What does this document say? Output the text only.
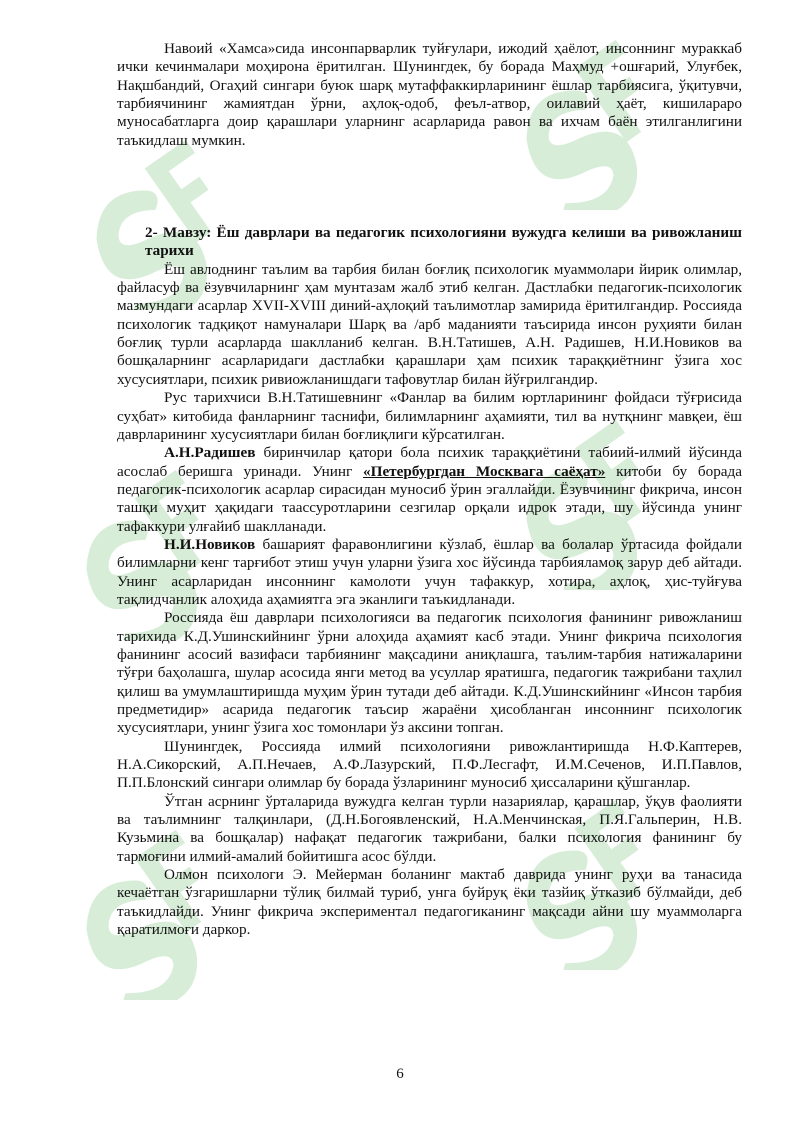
Навоий «Хамса»сида инсонпарварлик туйғулари, ижодий ҳаёлот, инсоннинг мураккаб ички кечинмалари моҳирона ёритилган. Шунингдек, бу борада Маҳмуд +ошғарий, Улуғбек, Нақшбандий, Огаҳий сингари буюк шарқ мутаффаккирларининг ёшлар тарбиясига, ўқитувчи, тарбиячининг жамиятдан ўрни, аҳлоқ-одоб, феъл-атвор, оилавий ҳаёт, кишилараро муносабатларга доир қарашлари уларнинг асарларида равон ва ихчам баён этилганлигини таъкидлаш мумкин.

2- Мавзу: Ёш даврлари ва педагогик психологияни вужудга келиши ва ривожланиш тарихи

Ёш авлоднинг таълим ва тарбия билан боғлиқ психологик муаммолари йирик олимлар, файласуф ва ёзувчиларнинг ҳам мунтазам жалб этиб келган. Дастлабки педагогик-психологик мазмундаги асарлар XVII-XVIII диний-аҳлоқий таълимотлар замирида ёритилгандир. Россияда психологик тадқиқот намуналари Шарқ ва /арб маданияти таъсирида инсон руҳияти билан боғлиқ турли асарларда шаклланиб келган. В.Н.Татишев, А.Н. Радишев, Н.И.Новиков ва бошқаларнинг асарларидаги дастлабки қарашлари ҳам психик тараққиётнинг ўзига хос хусусиятлари, психик ривиожланишдаги тафовутлар билан йўғрилгандир.

Рус тарихчиси В.Н.Татишевнинг «Фанлар ва билим юртларининг фойдаси тўғрисида суҳбат» китобида фанларнинг таснифи, билимларнинг аҳамияти, тил ва нутқнинг мавқеи, ёш даврларининг хусусиятлари билан боғлиқлиги кўрсатилган.

А.Н.Радишев биринчилар қатори бола психик тараққиётини табиий-илмий йўсинда асослаб беришга уринади. Унинг «Петербургдан Москвага саёҳат» китоби бу борада педагогик-психологик асарлар сирасидан муносиб ўрин эгаллайди. Ёзувчининг фикрича, инсон ташқи муҳит ҳақидаги таассуротларини сезгилар орқали идрок этади, шу йўсинда унинг тафаккури улғайиб шаклланади.

Н.И.Новиков башарият фаравонлигини кўзлаб, ёшлар ва болалар ўртасида фойдали билимларни кенг тарғибот этиш учун уларни ўзига хос йўсинда тарбияламоқ зарур деб айтади. Унинг асарларидан инсоннинг камолоти учун тафаккур, хотира, аҳлоқ, ҳис-туйғува тақлидчанлик алоҳида аҳамиятга эга эканлиги таъкидланади.

Россияда ёш даврлари психологияси ва педагогик психология фанининг ривожланиш тарихида К.Д.Ушинскийнинг ўрни алоҳида аҳамият касб этади. Унинг фикрича психология фанининг асосий вазифаси тарбиянинг мақсадини аниқлашга, таълим-тарбия натижаларини тўғри баҳолашга, шулар асосида янги метод ва усуллар яратишга, педагогик тажрибани таҳлил қилиш ва умумлаштиришда муҳим ўрин тутади деб айтади. К.Д.Ушинскийнинг «Инсон тарбия предметидир» асарида педагогик таъсир жараёни ҳисобланган инсоннинг психологик хусусиятлари, унинг ўзига хос томонлари ўз аксини топган.

Шунингдек, Россияда илмий психологияни ривожлантиришда Н.Ф.Каптерев, Н.А.Сикорский, А.П.Нечаев, А.Ф.Лазурский, П.Ф.Лесгафт, И.М.Сеченов, И.П.Павлов, П.П.Блонский сингари олимлар бу борада ўзларининг муносиб ҳиссаларини қўшганлар.

Ўтган асрнинг ўрталарида вужудга келган турли назариялар, қарашлар, ўқув фаолияти ва таълимнинг талқинлари, (Д.Н.Богоявленский, Н.А.Менчинская, П.Я.Гальперин, Н.В. Кузьмина ва бошқалар) нафақат педагогик тажрибани, балки психология фанининг бу тармоғини илмий-амалий бойитишга асос бўлди.

Олмон психологи Э. Мейерман боланинг мактаб даврида унинг руҳи ва танасида кечаётган ўзгаришларни тўлиқ билмай туриб, унга буйруқ ёки тазйиқ ўтказиб бўлмайди, деб таъкидлайди. Унинг фикрича экспериментал педагогиканинг мақсади айни шу муаммоларга қаратилмоғи даркор.

6
